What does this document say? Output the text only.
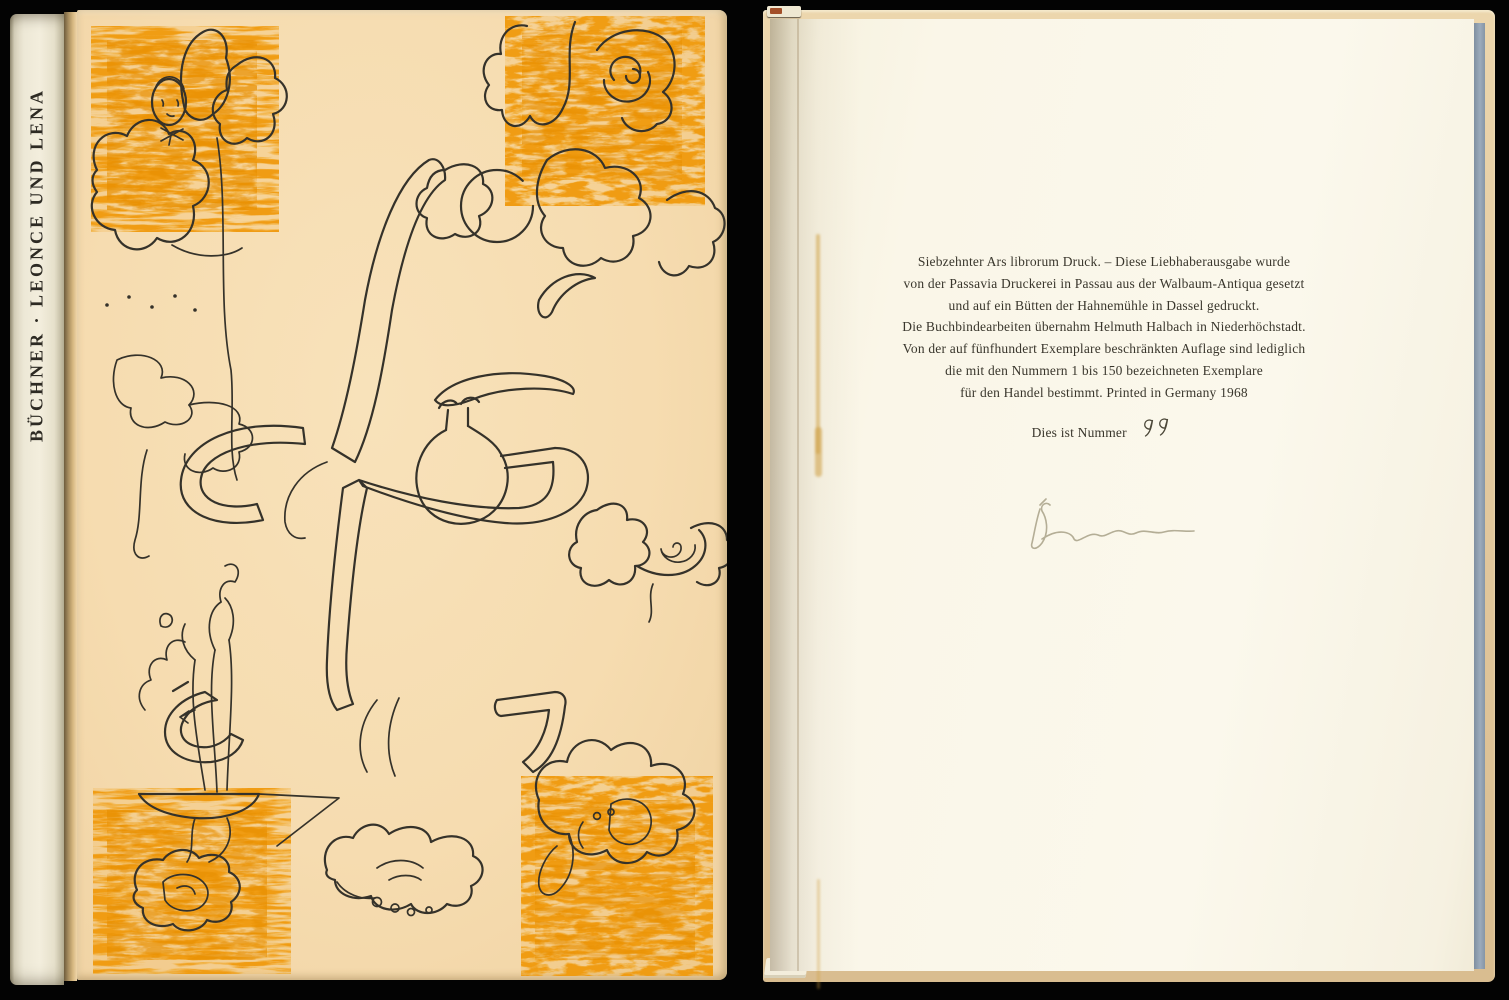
BÜCHNER · LEONCE UND LENA	Siebzehnter Ars librorum Druck. – Diese Liebhaberausgabe wurde
von der Passavia Druckerei in Passau aus der Walbaum-Antiqua gesetzt
und auf ein Bütten der Hahnemühle in Dassel gedruckt.
Die Buchbindearbeiten übernahm Helmuth Halbach in Niederhöchstadt.
Von der auf fünfhundert Exemplare beschränkten Auflage sind lediglich
die mit den Nummern 1 bis 150 bezeichneten Exemplare
für den Handel bestimmt. Printed in Germany 1968
Dies ist Nummer
